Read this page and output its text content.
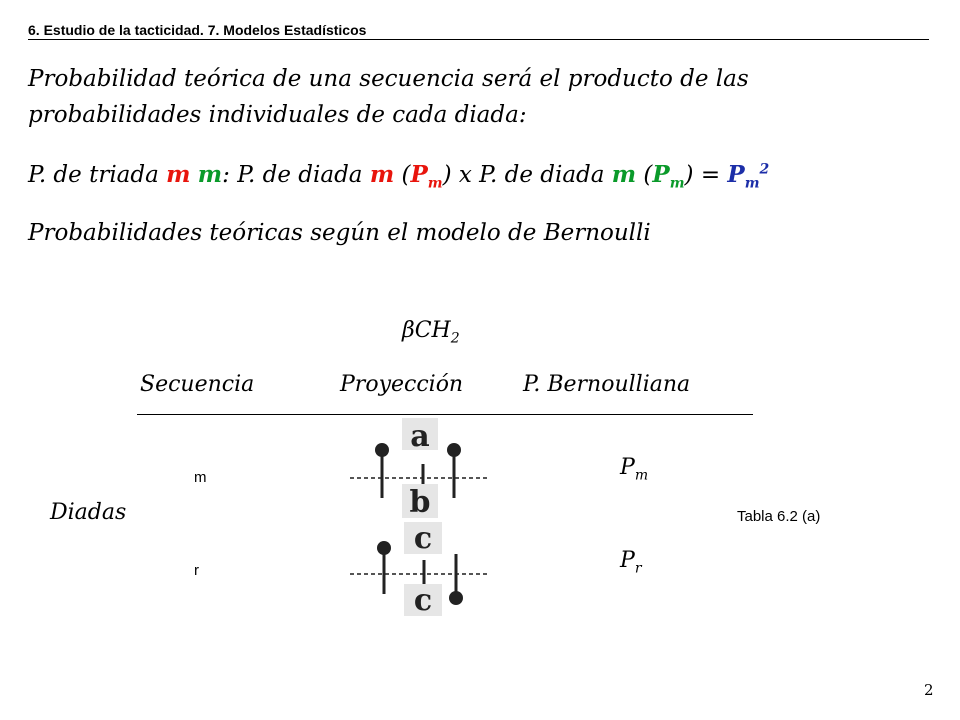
6. Estudio de la tacticidad. 7. Modelos Estadísticos
Probabilidad teórica de una secuencia será el producto de las
probabilidades individuales de cada diada:
P. de triada m m: P. de diada m $(P_m)$ x P. de diada m $(P_m) = P_m^2$
Probabilidades teóricas según el modelo de Bernoulli
βCH$_2$
Secuencia	Proyección	P. Bernoulliana
m
r
Diadas
$P_m$
$P_r$
Tabla 6.2 (a)
a
b
c
c
2
